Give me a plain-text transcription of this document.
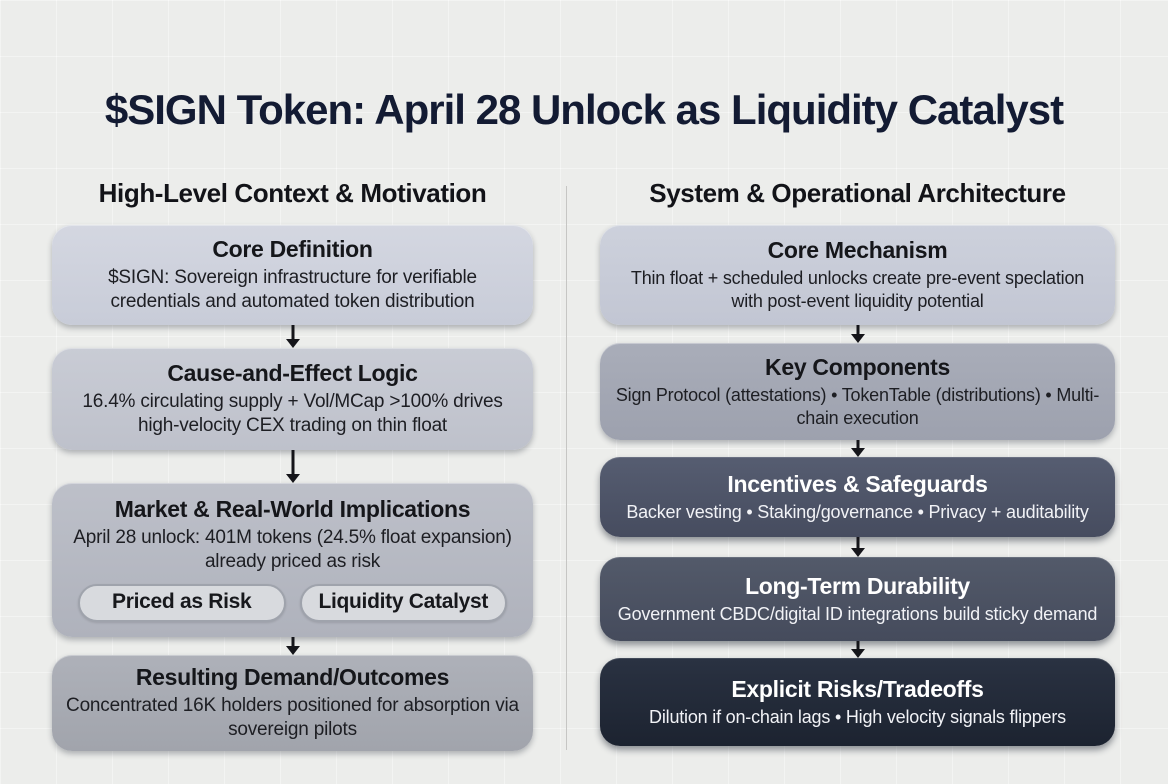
$SIGN Token: April 28 Unlock as Liquidity Catalyst
High-Level Context & Motivation
Core Definition

$SIGN: Sovereign infrastructure for verifiable credentials and automated token distribution

Cause-and-Effect Logic

16.4% circulating supply + Vol/MCap >100% drives high-velocity CEX trading on thin float

Market & Real-World Implications

April 28 unlock: 401M tokens (24.5% float expansion) already priced as risk

Priced as Risk	Liquidity Catalyst
Resulting Demand/Outcomes

Concentrated 16K holders positioned for absorption via sovereign pilots

System & Operational Architecture
Core Mechanism

Thin float + scheduled unlocks create pre-event speclation with post-event liquidity potential

Key Components

Sign Protocol (attestations) • TokenTable (distributions) • Multi-chain execution

Incentives & Safeguards

Backer vesting • Staking/governance • Privacy + auditability

Long-Term Durability

Government CBDC/digital ID integrations build sticky demand

Explicit Risks/Tradeoffs

Dilution if on-chain lags • High velocity signals flippers
